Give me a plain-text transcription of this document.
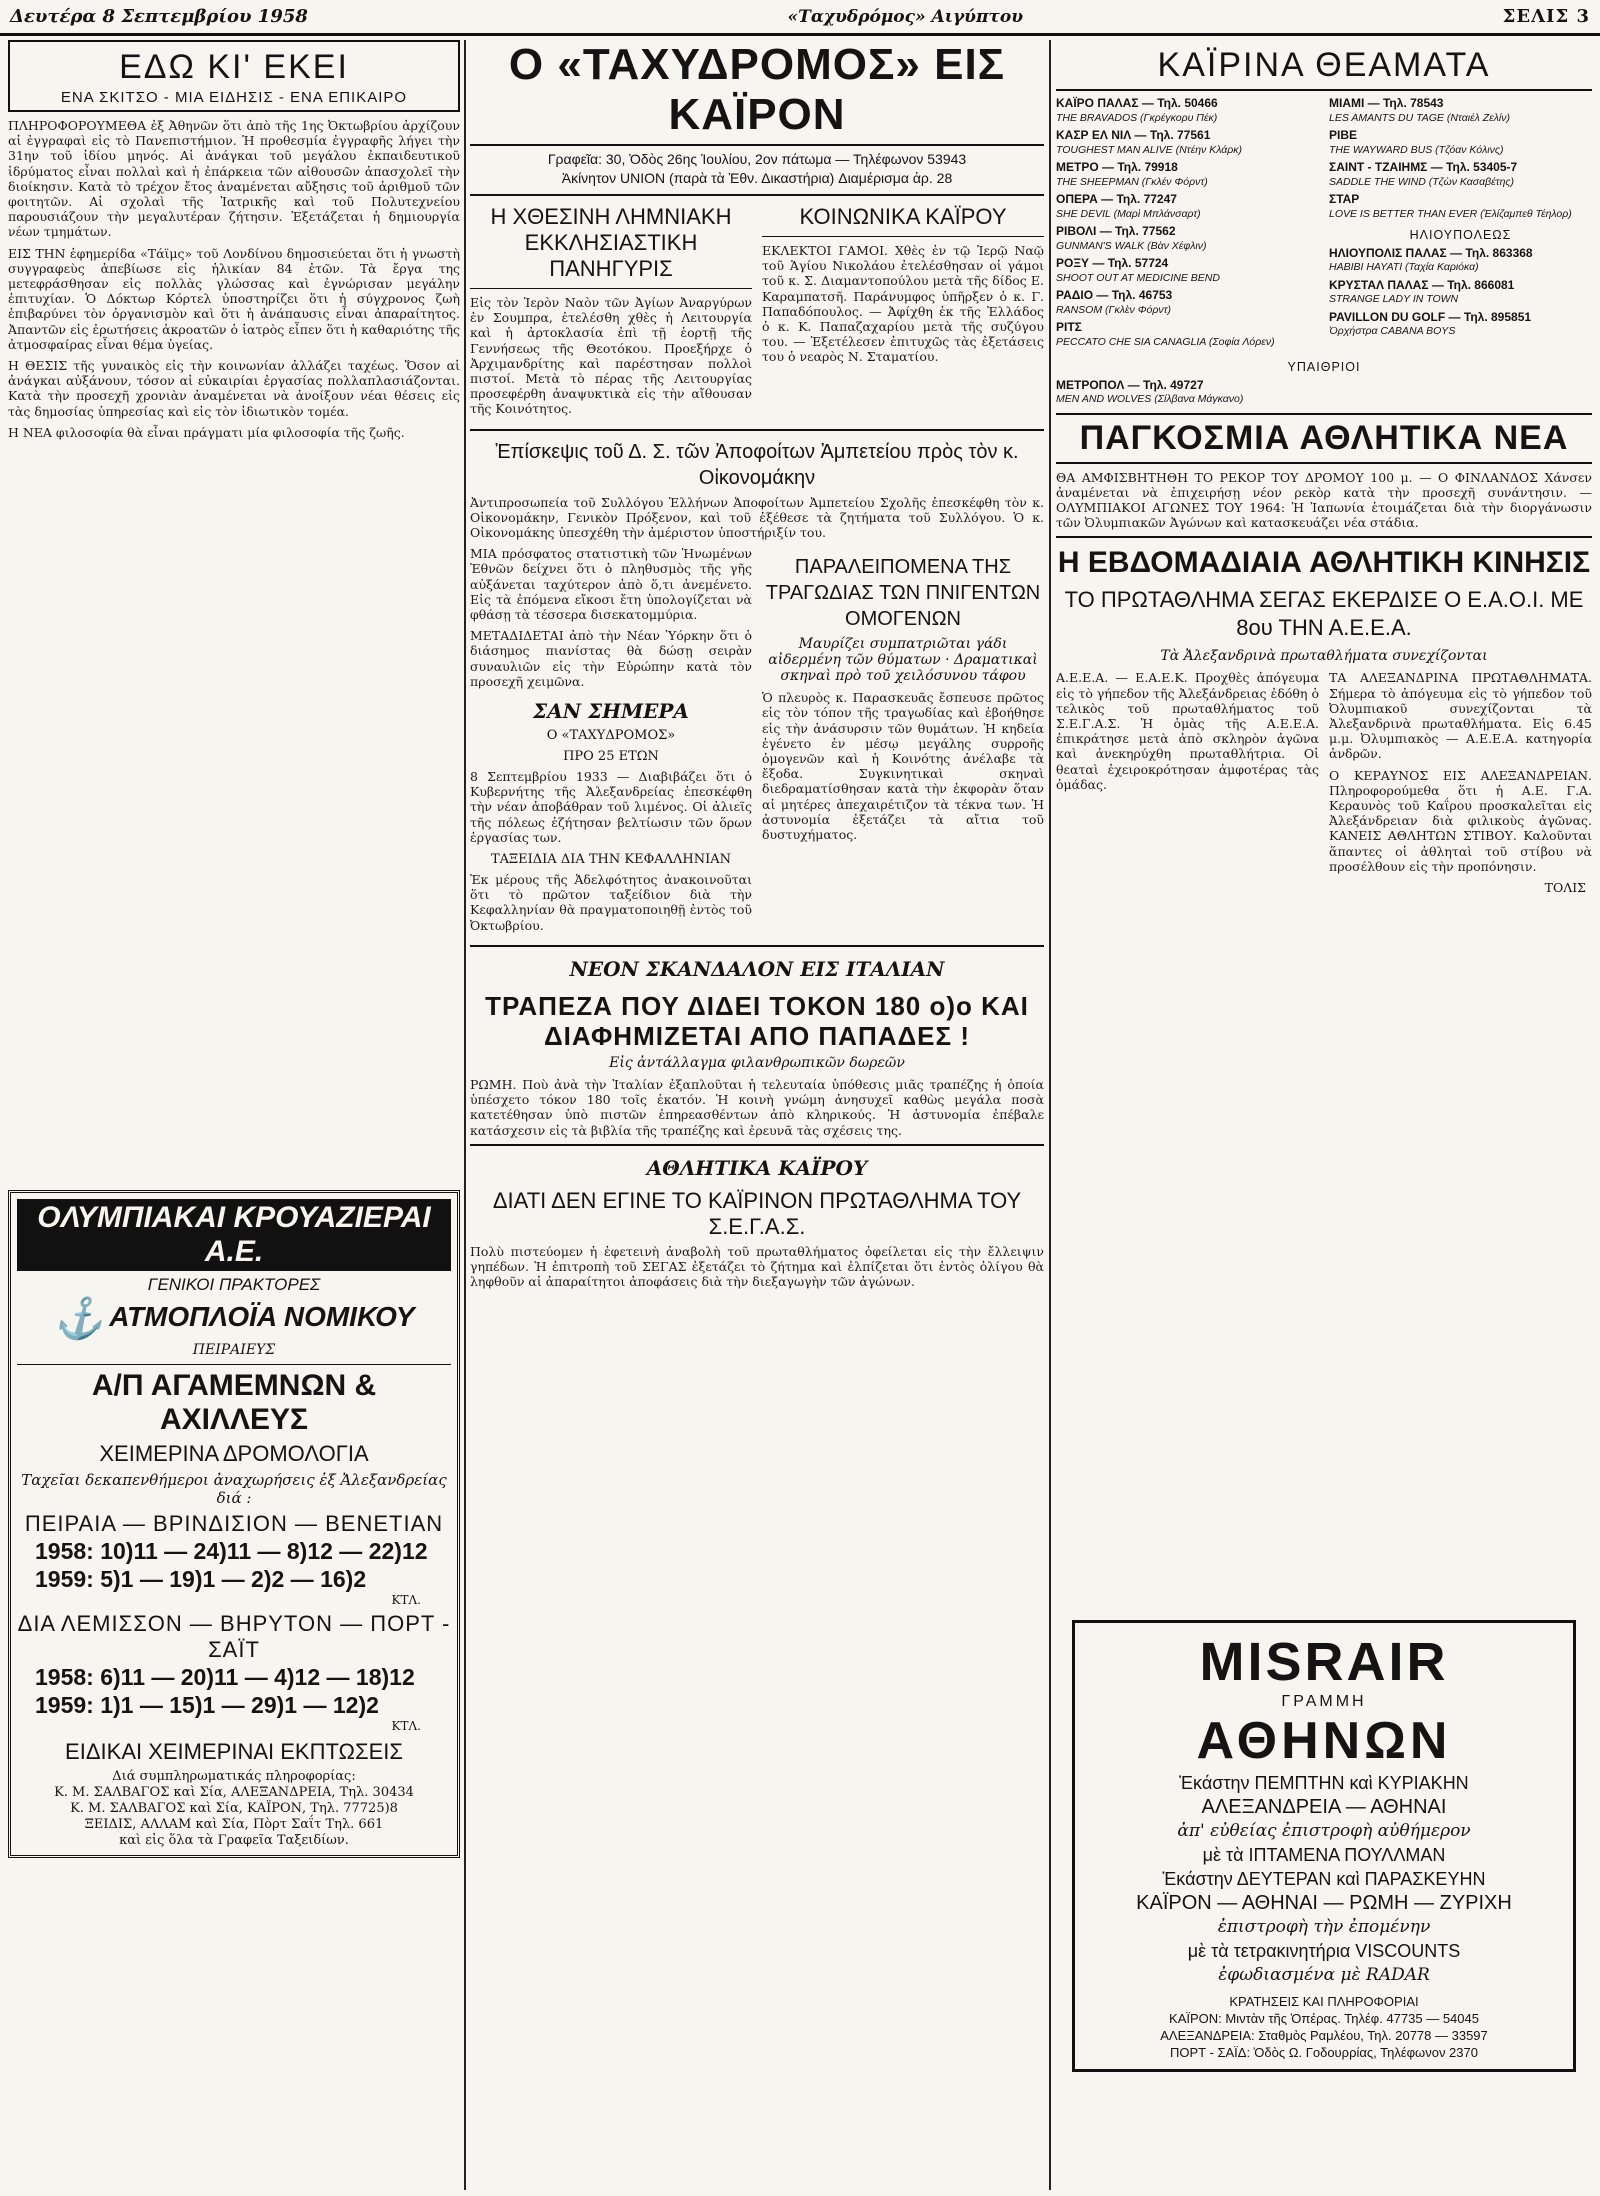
Δευτέρα 8 Σεπτεμβρίου 1958	«Ταχυδρόμος» Αιγύπτου	ΣΕΛΙΣ 3
ΕΔΩ ΚΙ' ΕΚΕΙ
ΕΝΑ ΣΚΙΤΣΟ - ΜΙΑ ΕΙΔΗΣΙΣ - ΕΝΑ ΕΠΙΚΑΙΡΟ

ΠΛΗΡΟΦΟΡΟΥΜΕΘΑ ἐξ Ἀθηνῶν ὅτι ἀπὸ τῆς 1ης Ὀκτωβρίου ἀρχίζουν αἱ ἐγγραφαὶ εἰς τὸ Πανεπιστήμιον. Ἡ προθεσμία ἐγγραφῆς λήγει τὴν 31ην τοῦ ἰδίου μηνός. Αἱ ἀνάγκαι τοῦ μεγάλου ἐκπαιδευτικοῦ ἱδρύματος εἶναι πολλαὶ καὶ ἡ ἐπάρκεια τῶν αἰθουσῶν ἀπασχολεῖ τὴν διοίκησιν. Κατὰ τὸ τρέχον ἔτος ἀναμένεται αὔξησις τοῦ ἀριθμοῦ τῶν φοιτητῶν. Αἱ σχολαὶ τῆς Ἰατρικῆς καὶ τοῦ Πολυτεχνείου παρουσιάζουν τὴν μεγαλυτέραν ζήτησιν. Ἐξετάζεται ἡ δημιουργία νέων τμημάτων.

ΕΙΣ ΤΗΝ ἐφημερίδα «Τάϊμς» τοῦ Λονδίνου δημοσιεύεται ὅτι ἡ γνωστὴ συγγραφεὺς ἀπεβίωσε εἰς ἡλικίαν 84 ἐτῶν. Τὰ ἔργα της μετεφράσθησαν εἰς πολλὰς γλώσσας καὶ ἐγνώρισαν μεγάλην ἐπιτυχίαν. Ὁ Δόκτωρ Κόρτελ ὑποστηρίζει ὅτι ἡ σύγχρονος ζωὴ ἐπιβαρύνει τὸν ὀργανισμὸν καὶ ὅτι ἡ ἀνάπαυσις εἶναι ἀπαραίτητος. Ἀπαντῶν εἰς ἐρωτήσεις ἀκροατῶν ὁ ἰατρὸς εἶπεν ὅτι ἡ καθαριότης τῆς ἀτμοσφαίρας εἶναι θέμα ὑγείας.

Η ΘΕΣΙΣ τῆς γυναικὸς εἰς τὴν κοινωνίαν ἀλλάζει ταχέως. Ὅσον αἱ ἀνάγκαι αὐξάνουν, τόσον αἱ εὐκαιρίαι ἐργασίας πολλαπλασιάζονται. Κατὰ τὴν προσεχῆ χρονιὰν ἀναμένεται νὰ ἀνοίξουν νέαι θέσεις εἰς τὰς δημοσίας ὑπηρεσίας καὶ εἰς τὸν ἰδιωτικὸν τομέα.

Η ΝΕΑ φιλοσοφία θὰ εἶναι πράγματι μία φιλοσοφία τῆς ζωῆς.

ΟΛΥΜΠΙΑΚΑΙ ΚΡΟΥΑΖΙΕΡΑΙ Α.Ε.
ΓΕΝΙΚΟΙ ΠΡΑΚΤΟΡΕΣ
⚓ ΑΤΜΟΠΛΟΪΑ ΝΟΜΙΚΟΥ
ΠΕΙΡΑΙΕΥΣ
Α/Π ΑΓΑΜΕΜΝΩΝ & ΑΧΙΛΛΕΥΣ
ΧΕΙΜΕΡΙΝΑ ΔΡΟΜΟΛΟΓΙΑ
Ταχεῖαι δεκαπενθήμεροι ἀναχωρήσεις ἐξ Ἀλεξανδρείας διά :
ΠΕΙΡΑΙΑ — ΒΡΙΝΔΙΣΙΟΝ — ΒΕΝΕΤΙΑΝ
1958: 10)11 — 24)11 — 8)12 — 22)12
1959: 5)1 — 19)1 — 2)2 — 16)2
ΚΤΛ.
ΔΙΑ ΛΕΜΙΣΣΟΝ — ΒΗΡΥΤΟΝ — ΠΟΡΤ - ΣΑΪΤ
1958: 6)11 — 20)11 — 4)12 — 18)12
1959: 1)1 — 15)1 — 29)1 — 12)2
ΚΤΛ.
ΕΙΔΙΚΑΙ ΧΕΙΜΕΡΙΝΑΙ ΕΚΠΤΩΣΕΙΣ
Διά συμπληρωματικάς πληροφορίας:
Κ. Μ. ΣΑΛΒΑΓΟΣ καὶ Σία, ΑΛΕΞΑΝΔΡΕΙΑ, Τηλ. 30434
Κ. Μ. ΣΑΛΒΑΓΟΣ καὶ Σία, ΚΑΪΡΟΝ, Τηλ. 77725)8
ΞΕΙΔΙΣ, ΑΛΛΑΜ καὶ Σία, Πὸρτ Σαΐτ Τηλ. 661
καὶ εἰς ὅλα τὰ Γραφεῖα Ταξειδίων.
Ο «ΤΑΧΥΔΡΟΜΟΣ» ΕΙΣ ΚΑΪΡΟΝ
Γραφεῖα: 30, Ὁδὸς 26ης Ἰουλίου, 2ον πάτωμα — Τηλέφωνον 53943
Ἀκίνητον UNION (παρὰ τὰ Ἐθν. Δικαστήρια) Διαμέρισμα ἀρ. 28
Η ΧΘΕΣΙΝΗ ΛΗΜΝΙΑΚΗ ΕΚΚΛΗΣΙΑΣΤΙΚΗ ΠΑΝΗΓΥΡΙΣ

Εἰς τὸν Ἱερὸν Ναὸν τῶν Ἀγίων Ἀναργύρων ἐν Σουμπρα, ἐτελέσθη χθὲς ἡ Λειτουργία καὶ ἡ ἀρτοκλασία ἐπὶ τῇ ἑορτῇ τῆς Γεννήσεως τῆς Θεοτόκου. Προεξήρχε ὁ Ἀρχιμανδρίτης καὶ παρέστησαν πολλοὶ πιστοί. Μετὰ τὸ πέρας τῆς Λειτουργίας προσεφέρθη ἀναψυκτικὰ εἰς τὴν αἴθουσαν τῆς Κοινότητος.

ΚΟΙΝΩΝΙΚΑ ΚΑΪΡΟΥ

ΕΚΛΕΚΤΟΙ ΓΑΜΟΙ. Χθὲς ἐν τῷ Ἱερῷ Ναῷ τοῦ Ἁγίου Νικολάου ἐτελέσθησαν οἱ γάμοι τοῦ κ. Σ. Διαμαντοπούλου μετὰ τῆς δίδος Ε. Καραμπατσῆ. Παράνυμφος ὑπῆρξεν ὁ κ. Γ. Παπαδόπουλος. — Ἀφίχθη ἐκ τῆς Ἑλλάδος ὁ κ. Κ. Παπαζαχαρίου μετὰ τῆς συζύγου του. — Ἐξετέλεσεν ἐπιτυχῶς τὰς ἐξετάσεις του ὁ νεαρὸς Ν. Σταματίου.

Ἐπίσκεψις τοῦ Δ. Σ. τῶν Ἀποφοίτων Ἀμπετείου πρὸς τὸν κ. Οἰκονομάκην

Ἀντιπροσωπεία τοῦ Συλλόγου Ἑλλήνων Ἀποφοίτων Ἀμπετείου Σχολῆς ἐπεσκέφθη τὸν κ. Οἰκονομάκην, Γενικὸν Πρόξενον, καὶ τοῦ ἐξέθεσε τὰ ζητήματα τοῦ Συλλόγου. Ὁ κ. Οἰκονομάκης ὑπεσχέθη τὴν ἀμέριστον ὑποστήριξίν του.

ΜΙΑ πρόσφατος στατιστικὴ τῶν Ἡνωμένων Ἐθνῶν δείχνει ὅτι ὁ πληθυσμὸς τῆς γῆς αὐξάνεται ταχύτερον ἀπὸ ὅ,τι ἀνεμένετο. Εἰς τὰ ἐπόμενα εἴκοσι ἔτη ὑπολογίζεται νὰ φθάσῃ τὰ τέσσερα δισεκατομμύρια.
ΜΕΤΑΔΙΔΕΤΑΙ ἀπὸ τὴν Νέαν Ὑόρκην ὅτι ὁ διάσημος πιανίστας θὰ δώσῃ σειρὰν συναυλιῶν εἰς τὴν Εὐρώπην κατὰ τὸν προσεχῆ χειμῶνα.
ΣΑΝ ΣΗΜΕΡΑ
Ο «ΤΑΧΥΔΡΟΜΟΣ»
ΠΡΟ 25 ΕΤΩΝ

8 Σεπτεμβρίου 1933 — Διαβιβάζει ὅτι ὁ Κυβερνήτης τῆς Ἀλεξανδρείας ἐπεσκέφθη τὴν νέαν ἀποβάθραν τοῦ λιμένος. Οἱ ἀλιεῖς τῆς πόλεως ἐζήτησαν βελτίωσιν τῶν ὅρων ἐργασίας των.

ΤΑΞΕΙΔΙΑ ΔΙΑ ΤΗΝ ΚΕΦΑΛΛΗΝΙΑΝ

Ἐκ μέρους τῆς Ἀδελφότητος ἀνακοινοῦται ὅτι τὸ πρῶτον ταξείδιον διὰ τὴν Κεφαλληνίαν θὰ πραγματοποιηθῇ ἐντὸς τοῦ Ὀκτωβρίου.

ΠΑΡΑΛΕΙΠΟΜΕΝΑ ΤΗΣ ΤΡΑΓΩΔΙΑΣ ΤΩΝ ΠΝΙΓΕΝΤΩΝ ΟΜΟΓΕΝΩΝ
Μαυρίζει συμπατριῶται γάδι αἰδερμένη τῶν θύματων · Δραματικαὶ σκηναὶ πρὸ τοῦ χειλόσυνου τάφου

Ὁ πλευρὸς κ. Παρασκευᾶς ἔσπευσε πρῶτος εἰς τὸν τόπον τῆς τραγωδίας καὶ ἐβοήθησε εἰς τὴν ἀνάσυρσιν τῶν θυμάτων. Ἡ κηδεία ἐγένετο ἐν μέσῳ μεγάλης συρροῆς ὁμογενῶν καὶ ἡ Κοινότης ἀνέλαβε τὰ ἔξοδα. Συγκινητικαὶ σκηναὶ διεδραματίσθησαν κατὰ τὴν ἐκφορὰν ὅταν αἱ μητέρες ἀπεχαιρέτιζον τὰ τέκνα των. Ἡ ἀστυνομία ἐξετάζει τὰ αἴτια τοῦ δυστυχήματος.

ΝΕΟΝ ΣΚΑΝΔΑΛΟΝ ΕΙΣ ΙΤΑΛΙΑΝ
ΤΡΑΠΕΖΑ ΠΟΥ ΔΙΔΕΙ ΤΟΚΟΝ 180 ο)ο ΚΑΙ ΔΙΑΦΗΜΙΖΕΤΑΙ ΑΠΟ ΠΑΠΑΔΕΣ !
Εἰς ἀντάλλαγμα φιλανθρωπικῶν δωρεῶν

ΡΩΜΗ. Ποὺ ἀνὰ τὴν Ἰταλίαν ἐξαπλοῦται ἡ τελευταία ὑπόθεσις μιᾶς τραπέζης ἡ ὁποία ὑπέσχετο τόκον 180 τοῖς ἑκατόν. Ἡ κοινὴ γνώμη ἀνησυχεῖ καθὼς μεγάλα ποσὰ κατετέθησαν ὑπὸ πιστῶν ἐπηρεασθέντων ἀπὸ κληρικούς. Ἡ ἀστυνομία ἐπέβαλε κατάσχεσιν εἰς τὰ βιβλία τῆς τραπέζης καὶ ἐρευνᾶ τὰς σχέσεις της.

ΑΘΛΗΤΙΚΑ ΚΑΪΡΟΥ
ΔΙΑΤΙ ΔΕΝ ΕΓΙΝΕ ΤΟ ΚΑΪΡΙΝΟΝ ΠΡΩΤΑΘΛΗΜΑ ΤΟΥ Σ.Ε.Γ.Α.Σ.

Πολὺ πιστεύομεν ἡ ἐφετεινὴ ἀναβολὴ τοῦ πρωταθλήματος ὀφείλεται εἰς τὴν ἔλλειψιν γηπέδων. Ἡ ἐπιτροπὴ τοῦ ΣΕΓΑΣ ἐξετάζει τὸ ζήτημα καὶ ἐλπίζεται ὅτι ἐντὸς ὀλίγου θὰ ληφθοῦν αἱ ἀπαραίτητοι ἀποφάσεις διὰ τὴν διεξαγωγὴν τῶν ἀγώνων.

ΚΑΪΡΙΝΑ ΘΕΑΜΑΤΑ
ΚΑΪΡΟ ΠΑΛΑΣ — Τηλ. 50466
THE BRAVADOS (Γκρέγκορυ Πέκ)
ΚΑΣΡ ΕΛ ΝΙΛ — Τηλ. 77561
TOUGHEST MAN ALIVE (Ντέην Κλάρκ)
ΜΕΤΡΟ — Τηλ. 79918
THE SHEEPMAN (Γκλέν Φόρντ)
ΟΠΕΡΑ — Τηλ. 77247
SHE DEVIL (Μαρὶ Μπλάνσαρτ)
ΡΙΒΟΛΙ — Τηλ. 77562
GUNMAN'S WALK (Βὰν Χέφλιν)
ΡΟΞΥ — Τηλ. 57724
SHOOT OUT AT MEDICINE BEND
ΡΑΔΙΟ — Τηλ. 46753
RANSOM (Γκλὲν Φόρντ)
ΡΙΤΣ
PECCATO CHE SIA CANAGLIA (Σοφία Λόρεν)
ΜΙΑΜΙ — Τηλ. 78543
LES AMANTS DU TAGE (Νταιέλ Ζελίν)
ΡΙΒΕ
THE WAYWARD BUS (Τζόαν Κόλινς)
ΣΑΙΝΤ - ΤΖΑΙΗΜΣ — Τηλ. 53405-7
SADDLE THE WIND (Τζὼν Κασαβέτης)
ΣΤΑΡ
LOVE IS BETTER THAN EVER (Ἐλίζαμπεθ Τέηλορ)
ΗΛΙΟΥΠΟΛΕΩΣ
ΗΛΙΟΥΠΟΛΙΣ ΠΑΛΑΣ — Τηλ. 863368
HABIBI HAYATI (Ταχία Καριόκα)
ΚΡΥΣΤΑΛ ΠΑΛΑΣ — Τηλ. 866081
STRANGE LADY IN TOWN
PAVILLON DU GOLF — Τηλ. 895851
Ὀρχήστρα CABANA BOYS
ΥΠΑΙΘΡΙΟΙ
ΜΕΤΡΟΠΟΛ — Τηλ. 49727
MEN AND WOLVES (Σίλβανα Μάγκανο)
ΠΑΓΚΟΣΜΙΑ ΑΘΛΗΤΙΚΑ ΝΕΑ

ΘΑ ΑΜΦΙΣΒΗΤΗΘΗ ΤΟ ΡΕΚΟΡ ΤΟΥ ΔΡΟΜΟΥ 100 μ. — Ο ΦΙΝΛΑΝΔΟΣ Χάνσεν ἀναμένεται νὰ ἐπιχειρήσῃ νέον ρεκὸρ κατὰ τὴν προσεχῆ συνάντησιν. — ΟΛΥΜΠΙΑΚΟΙ ΑΓΩΝΕΣ ΤΟΥ 1964: Ἡ Ἰαπωνία ἑτοιμάζεται διὰ τὴν διοργάνωσιν τῶν Ὀλυμπιακῶν Ἀγώνων καὶ κατασκευάζει νέα στάδια.

Η ΕΒΔΟΜΑΔΙΑΙΑ ΑΘΛΗΤΙΚΗ ΚΙΝΗΣΙΣ
ΤΟ ΠΡΩΤΑΘΛΗΜΑ ΣΕΓΑΣ ΕΚΕΡΔΙΣΕ Ο Ε.Α.Ο.Ι. ΜΕ 8ου ΤΗΝ Α.Ε.Ε.Α.
Τὰ Ἀλεξανδρινὰ πρωταθλήματα συνεχίζονται

Α.Ε.Ε.Α. — Ε.Α.Ε.Κ. Προχθὲς ἀπόγευμα εἰς τὸ γήπεδον τῆς Ἀλεξάνδρειας ἐδόθη ὁ τελικὸς τοῦ πρωταθλήματος τοῦ Σ.Ε.Γ.Α.Σ. Ἡ ὁμὰς τῆς Α.Ε.Ε.Α. ἐπικράτησε μετὰ ἀπὸ σκληρὸν ἀγῶνα καὶ ἀνεκηρύχθη πρωταθλήτρια. Οἱ θεαταὶ ἐχειροκρότησαν ἀμφοτέρας τὰς ὁμάδας.

ΤΑ ΑΛΕΞΑΝΔΡΙΝΑ ΠΡΩΤΑΘΛΗΜΑΤΑ. Σήμερα τὸ ἀπόγευμα εἰς τὸ γήπεδον τοῦ Ὀλυμπιακοῦ συνεχίζονται τὰ Ἀλεξανδρινὰ πρωταθλήματα. Εἰς 6.45 μ.μ. Ὀλυμπιακὸς — Α.Ε.Ε.Α. κατηγορία ἀνδρῶν.

Ο ΚΕΡΑΥΝΟΣ ΕΙΣ ΑΛΕΞΑΝΔΡΕΙΑΝ. Πληροφορούμεθα ὅτι ἡ Α.Ε. Γ.Α. Κεραυνὸς τοῦ Καΐρου προσκαλεῖται εἰς Ἀλεξάνδρειαν διὰ φιλικοὺς ἀγῶνας. ΚΑΝΕΙΣ ΑΘΛΗΤΩΝ ΣΤΙΒΟΥ. Καλοῦνται ἅπαντες οἱ ἀθληταὶ τοῦ στίβου νὰ προσέλθουν εἰς τὴν προπόνησιν.

ΤΟΛΙΣ
MISRAIR
ΓΡΑΜΜΗ
ΑΘΗΝΩΝ
Ἑκάστην ΠΕΜΠΤΗΝ καὶ ΚΥΡΙΑΚΗΝ
ΑΛΕΞΑΝΔΡΕΙΑ — ΑΘΗΝΑΙ
ἀπ' εὐθείας ἐπιστροφὴ αὐθήμερον
μὲ τὰ ΙΠΤΑΜΕΝΑ ΠΟΥΛΛΜΑΝ
Ἑκάστην ΔΕΥΤΕΡΑΝ καὶ ΠΑΡΑΣΚΕΥΗΝ
ΚΑΪΡΟΝ — ΑΘΗΝΑΙ — ΡΩΜΗ — ΖΥΡΙΧΗ
ἐπιστροφὴ τὴν ἐπομένην
μὲ τὰ τετρακινητήρια VISCOUNTS
ἐφωδιασμένα μὲ RADAR
ΚΡΑΤΗΣΕΙΣ ΚΑΙ ΠΛΗΡΟΦΟΡΙΑΙ
ΚΑΪΡΟΝ: Μιντὰν τῆς Ὀπέρας. Τηλέφ. 47735 — 54045
ΑΛΕΞΑΝΔΡΕΙΑ: Σταθμὸς Ραμλέου, Τηλ. 20778 — 33597
ΠΟΡΤ - ΣΑΪΔ: Ὁδὸς Ω. Γοδουρρίας, Τηλέφωνον 2370
